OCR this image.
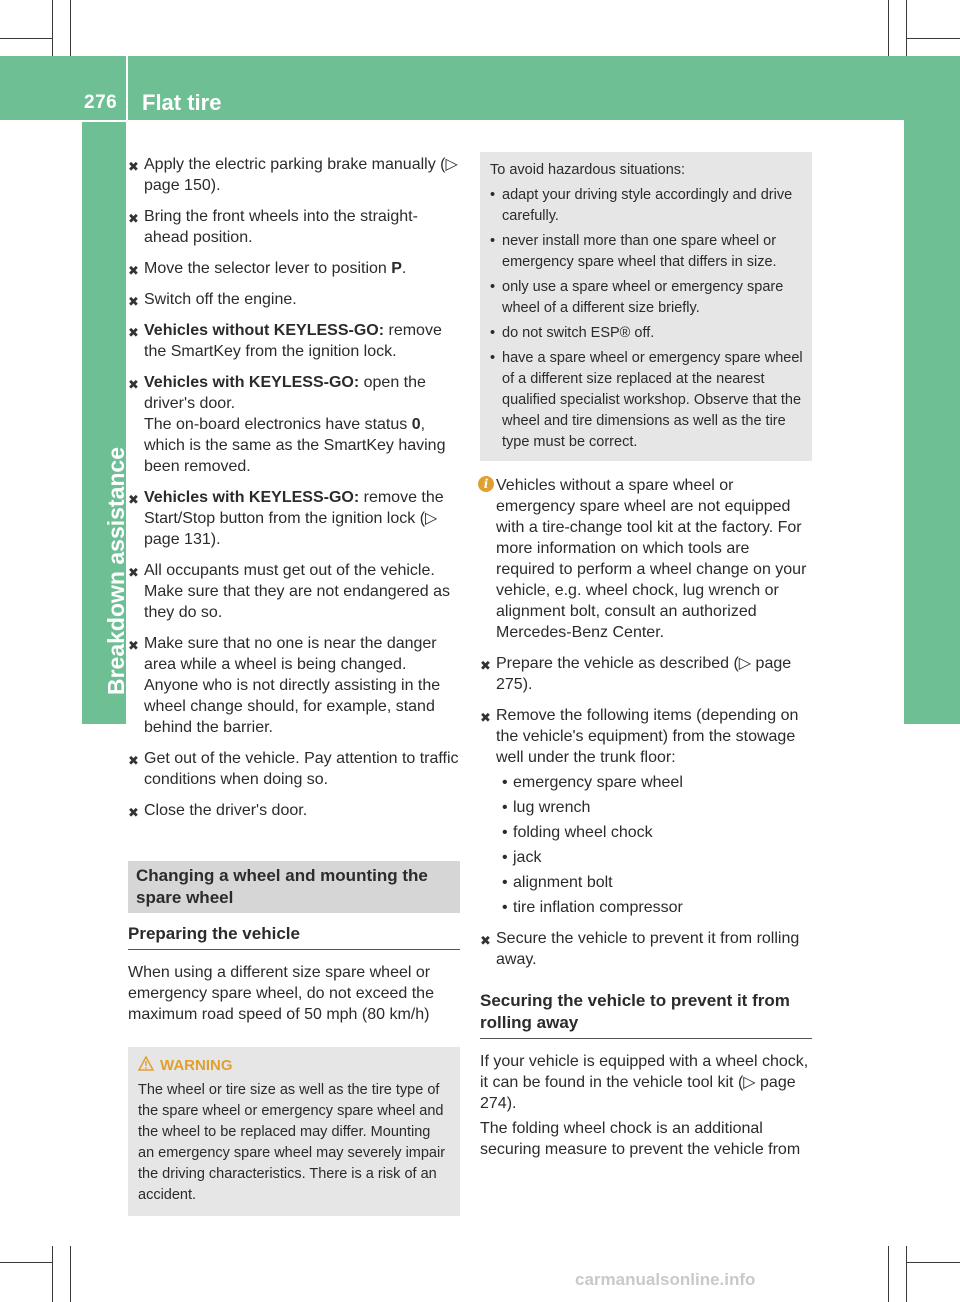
276	Flat tire
Breakdown assistance
✖ Apply the electric parking brake manually (▷ page 150).
✖ Bring the front wheels into the straight-ahead position.
✖ Move the selector lever to position P.
✖ Switch off the engine.
✖ Vehicles without KEYLESS-GO: remove the SmartKey from the ignition lock.
✖ Vehicles with KEYLESS-GO: open the driver's door.
The on-board electronics have status 0, which is the same as the SmartKey having been removed.
✖ Vehicles with KEYLESS-GO: remove the Start/Stop button from the ignition lock (▷ page 131).
✖ All occupants must get out of the vehicle. Make sure that they are not endangered as they do so.
✖ Make sure that no one is near the danger area while a wheel is being changed. Anyone who is not directly assisting in the wheel change should, for example, stand behind the barrier.
✖ Get out of the vehicle. Pay attention to traffic conditions when doing so.
✖ Close the driver's door.
Changing a wheel and mounting the spare wheel
Preparing the vehicle
When using a different size spare wheel or emergency spare wheel, do not exceed the maximum road speed of 50 mph (80 km/h)
WARNING
The wheel or tire size as well as the tire type of the spare wheel or emergency spare wheel and the wheel to be replaced may differ. Mounting an emergency spare wheel may severely impair the driving characteristics. There is a risk of an accident.
To avoid hazardous situations:
• adapt your driving style accordingly and drive carefully.
• never install more than one spare wheel or emergency spare wheel that differs in size.
• only use a spare wheel or emergency spare wheel of a different size briefly.
• do not switch ESP® off.
• have a spare wheel or emergency spare wheel of a different size replaced at the nearest qualified specialist workshop. Observe that the wheel and tire dimensions as well as the tire type must be correct.
i Vehicles without a spare wheel or emergency spare wheel are not equipped with a tire-change tool kit at the factory. For more information on which tools are required to perform a wheel change on your vehicle, e.g. wheel chock, lug wrench or alignment bolt, consult an authorized Mercedes-Benz Center.
✖ Prepare the vehicle as described (▷ page 275).
✖ Remove the following items (depending on the vehicle's equipment) from the stowage well under the trunk floor:
• emergency spare wheel
• lug wrench
• folding wheel chock
• jack
• alignment bolt
• tire inflation compressor
✖ Secure the vehicle to prevent it from rolling away.
Securing the vehicle to prevent it from rolling away
If your vehicle is equipped with a wheel chock, it can be found in the vehicle tool kit (▷ page 274).
The folding wheel chock is an additional securing measure to prevent the vehicle from
carmanualsonline.info
